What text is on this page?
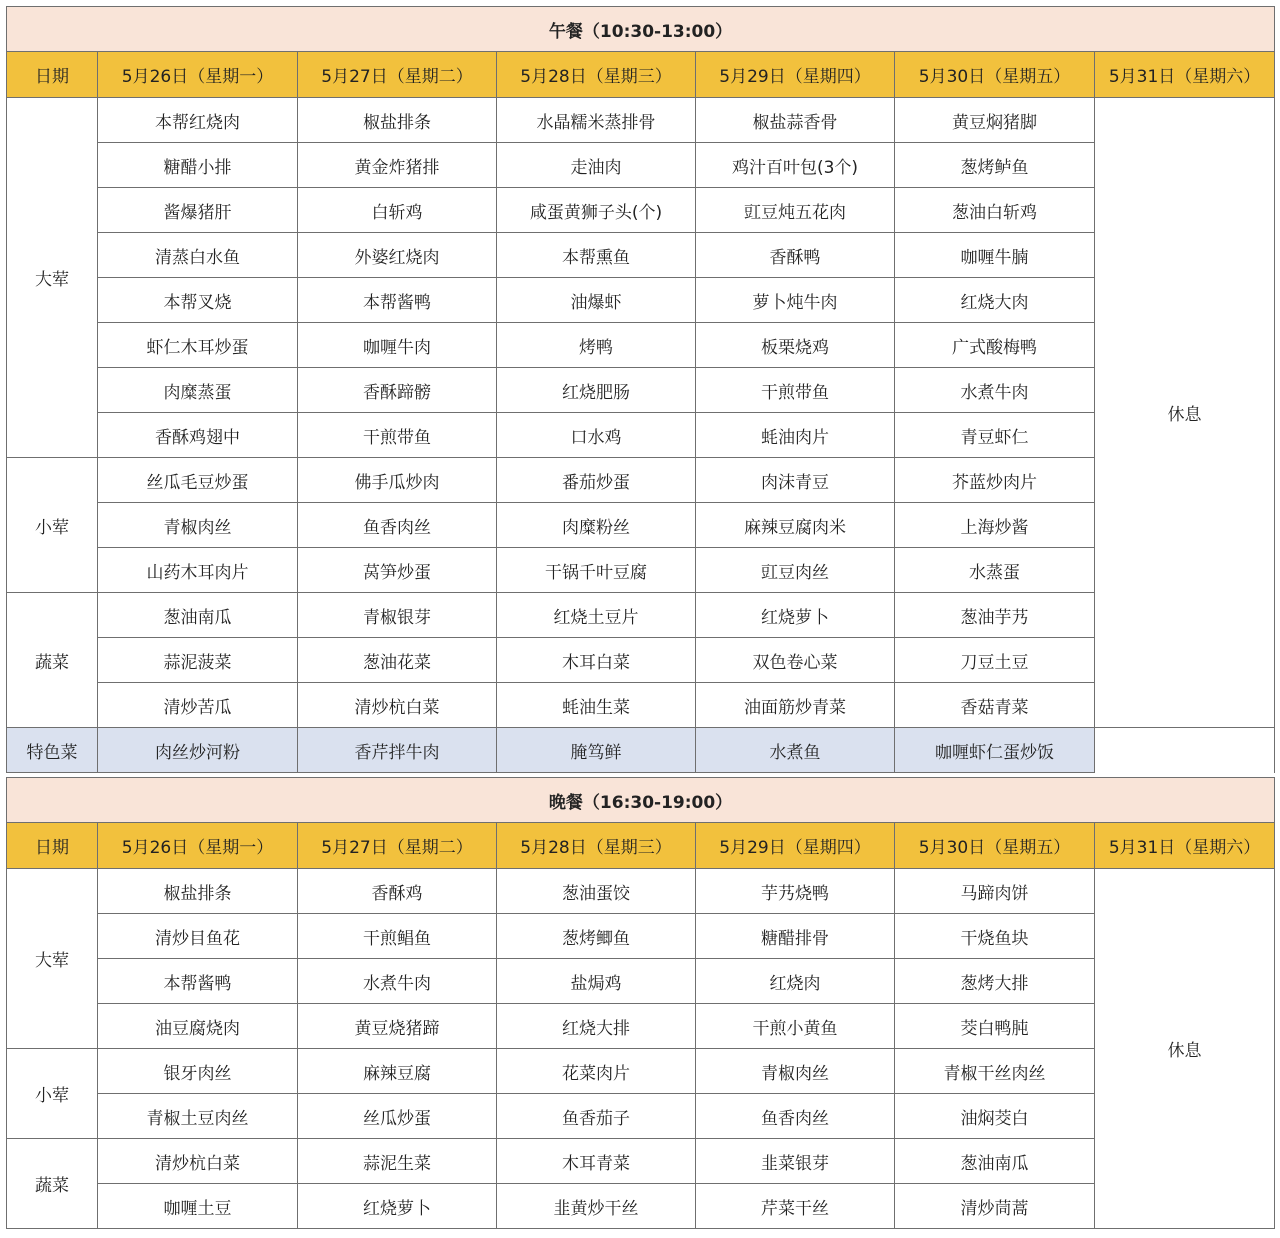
午餐（10:30-13:00）						
日期	5月26日（星期一）	5月27日（星期二）	5月28日（星期三）	5月29日（星期四）	5月30日（星期五）	5月31日（星期六）
大荤	本帮红烧肉	椒盐排条	水晶糯米蒸排骨	椒盐蒜香骨	黄豆焖猪脚	休息
	糖醋小排	黄金炸猪排	走油肉	鸡汁百叶包(3个)	葱烤鲈鱼	
	酱爆猪肝	白斩鸡	咸蛋黄狮子头(个)	豇豆炖五花肉	葱油白斩鸡	
	清蒸白水鱼	外婆红烧肉	本帮熏鱼	香酥鸭	咖喱牛腩	
	本帮叉烧	本帮酱鸭	油爆虾	萝卜炖牛肉	红烧大肉	
	虾仁木耳炒蛋	咖喱牛肉	烤鸭	板栗烧鸡	广式酸梅鸭	
	肉糜蒸蛋	香酥蹄髈	红烧肥肠	干煎带鱼	水煮牛肉	
	香酥鸡翅中	干煎带鱼	口水鸡	蚝油肉片	青豆虾仁	
小荤	丝瓜毛豆炒蛋	佛手瓜炒肉	番茄炒蛋	肉沫青豆	芥蓝炒肉片	
	青椒肉丝	鱼香肉丝	肉糜粉丝	麻辣豆腐肉米	上海炒酱	
	山药木耳肉片	莴笋炒蛋	干锅千叶豆腐	豇豆肉丝	水蒸蛋	
蔬菜	葱油南瓜	青椒银芽	红烧土豆片	红烧萝卜	葱油芋艿	
	蒜泥菠菜	葱油花菜	木耳白菜	双色卷心菜	刀豆土豆	
	清炒苦瓜	清炒杭白菜	蚝油生菜	油面筋炒青菜	香菇青菜	
特色菜	肉丝炒河粉	香芹拌牛肉	腌笃鲜	水煮鱼	咖喱虾仁蛋炒饭	
晚餐（16:30-19:00）						
日期	5月26日（星期一）	5月27日（星期二）	5月28日（星期三）	5月29日（星期四）	5月30日（星期五）	5月31日（星期六）
大荤	椒盐排条	香酥鸡	葱油蛋饺	芋艿烧鸭	马蹄肉饼	休息
	清炒目鱼花	干煎鲳鱼	葱烤鲫鱼	糖醋排骨	干烧鱼块	
	本帮酱鸭	水煮牛肉	盐焗鸡	红烧肉	葱烤大排	
	油豆腐烧肉	黄豆烧猪蹄	红烧大排	干煎小黄鱼	茭白鸭肫	
小荤	银牙肉丝	麻辣豆腐	花菜肉片	青椒肉丝	青椒干丝肉丝	
	青椒土豆肉丝	丝瓜炒蛋	鱼香茄子	鱼香肉丝	油焖茭白	
蔬菜	清炒杭白菜	蒜泥生菜	木耳青菜	韭菜银芽	葱油南瓜	
	咖喱土豆	红烧萝卜	韭黄炒干丝	芹菜干丝	清炒茼蒿	
